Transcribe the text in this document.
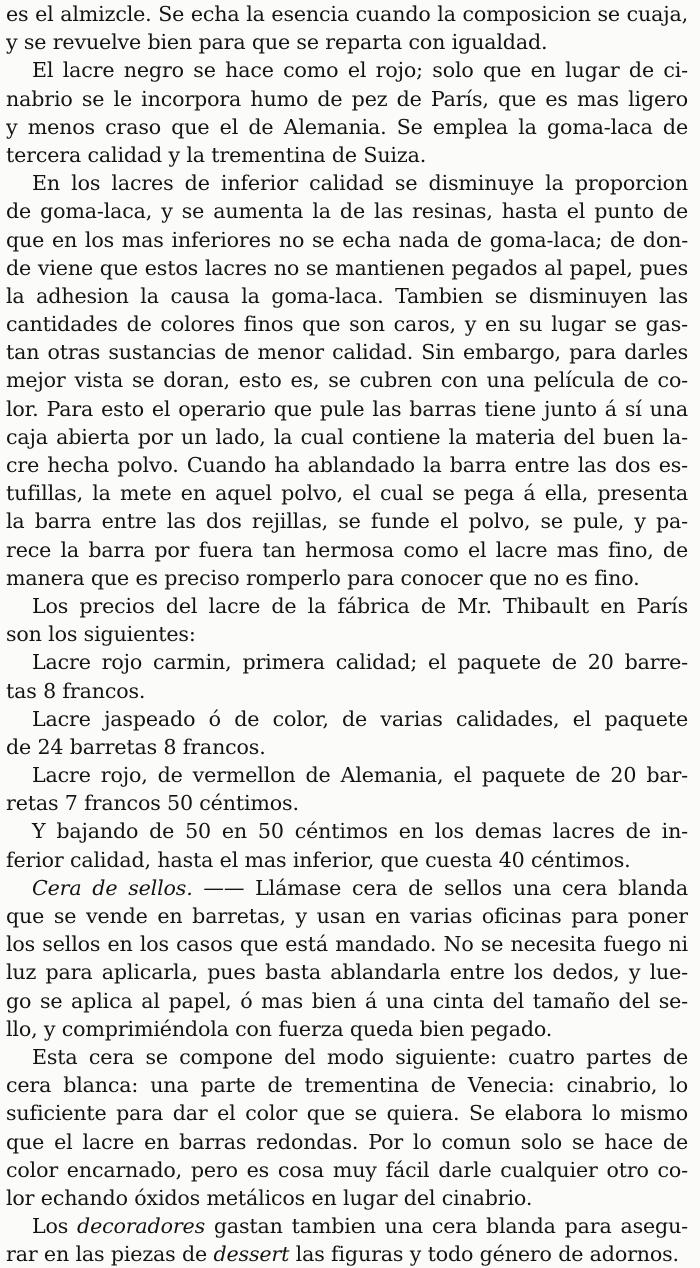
es el almizcle. Se echa la esencia cuando la composicion se cuaja,
y se revuelve bien para que se reparta con igualdad.
El lacre negro se hace como el rojo; solo que en lugar de ci-
nabrio se le incorpora humo de pez de París, que es mas ligero
y menos craso que el de Alemania. Se emplea la goma-laca de
tercera calidad y la trementina de Suiza.
En los lacres de inferior calidad se disminuye la proporcion
de goma-laca, y se aumenta la de las resinas, hasta el punto de
que en los mas inferiores no se echa nada de goma-laca; de don-
de viene que estos lacres no se mantienen pegados al papel, pues
la adhesion la causa la goma-laca. Tambien se disminuyen las
cantidades de colores finos que son caros, y en su lugar se gas-
tan otras sustancias de menor calidad. Sin embargo, para darles
mejor vista se doran, esto es, se cubren con una película de co-
lor. Para esto el operario que pule las barras tiene junto á sí una
caja abierta por un lado, la cual contiene la materia del buen la-
cre hecha polvo. Cuando ha ablandado la barra entre las dos es-
tufillas, la mete en aquel polvo, el cual se pega á ella, presenta
la barra entre las dos rejillas, se funde el polvo, se pule, y pa-
rece la barra por fuera tan hermosa como el lacre mas fino, de
manera que es preciso romperlo para conocer que no es fino.
Los precios del lacre de la fábrica de Mr. Thibault en París
son los siguientes:
Lacre rojo carmin, primera calidad; el paquete de 20 barre-
tas 8 francos.
Lacre jaspeado ó de color, de varias calidades, el paquete
de 24 barretas 8 francos.
Lacre rojo, de vermellon de Alemania, el paquete de 20 bar-
retas 7 francos 50 céntimos.
Y bajando de 50 en 50 céntimos en los demas lacres de in-
ferior calidad, hasta el mas inferior, que cuesta 40 céntimos.
Cera de sellos. —— Llámase cera de sellos una cera blanda
que se vende en barretas, y usan en varias oficinas para poner
los sellos en los casos que está mandado. No se necesita fuego ni
luz para aplicarla, pues basta ablandarla entre los dedos, y lue-
go se aplica al papel, ó mas bien á una cinta del tamaño del se-
llo, y comprimiéndola con fuerza queda bien pegado.
Esta cera se compone del modo siguiente: cuatro partes de
cera blanca: una parte de trementina de Venecia: cinabrio, lo
suficiente para dar el color que se quiera. Se elabora lo mismo
que el lacre en barras redondas. Por lo comun solo se hace de
color encarnado, pero es cosa muy fácil darle cualquier otro co-
lor echando óxidos metálicos en lugar del cinabrio.
Los decoradores gastan tambien una cera blanda para asegu-
rar en las piezas de dessert las figuras y todo género de adornos.
